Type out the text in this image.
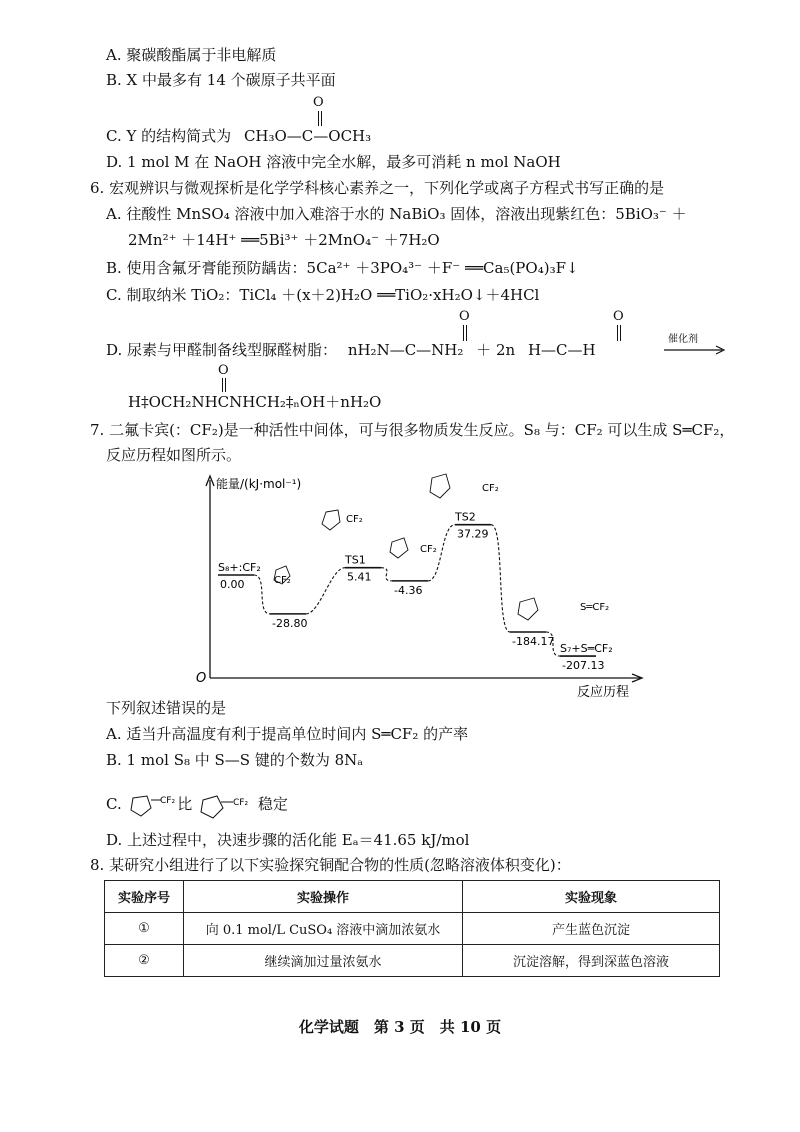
A. 聚碳酸酯属于非电解质
B. X 中最多有 14 个碳原子共平面
C. Y 的结构简式为 CH₃O—C—OCH₃
O
D. 1 mol M 在 NaOH 溶液中完全水解，最多可消耗 n mol NaOH
6. 宏观辨识与微观探析是化学学科核心素养之一，下列化学或离子方程式书写正确的是
A. 往酸性 MnSO₄ 溶液中加入难溶于水的 NaBiO₃ 固体，溶液出现紫红色：5BiO₃⁻ ＋
2Mn²⁺ ＋14H⁺ ══5Bi³⁺ ＋2MnO₄⁻ ＋7H₂O
B. 使用含氟牙膏能预防龋齿：5Ca²⁺ ＋3PO₄³⁻ ＋F⁻ ══Ca₅(PO₄)₃F↓
C. 制取纳米 TiO₂：TiCl₄ ＋(x＋2)H₂O ══TiO₂·xH₂O↓＋4HCl
D. 尿素与甲醛制备线型脲醛树脂： nH₂N—C—NH₂ ＋ 2n H—C—H
O	O
催化剂
H‡OCH₂NHCNHCH₂‡ₙOH＋nH₂O
O
7. 二氟卡宾(：CF₂)是一种活性中间体，可与很多物质发生反应。S₈ 与：CF₂ 可以生成 S═CF₂，
反应历程如图所示。
能量/(kJ·mol⁻¹)
反应历程
O
0.00
S₈+:CF₂
-28.80
5.41
TS1
-4.36
37.29
TS2
-184.17
-207.13
S₇+S═CF₂
CF₂
CF₂
CF₂
CF₂
S═CF₂
下列叙述错误的是
A. 适当升高温度有利于提高单位时间内 S═CF₂ 的产率
B. 1 mol S₈ 中 S—S 键的个数为 8Nₐ
C.	CF₂ 比	CF₂ 稳定
D. 上述过程中，决速步骤的活化能 Eₐ＝41.65 kJ/mol
8. 某研究小组进行了以下实验探究铜配合物的性质(忽略溶液体积变化)：
实验序号	实验操作	实验现象
①	向 0.1 mol/L CuSO₄ 溶液中滴加浓氨水	产生蓝色沉淀
②	继续滴加过量浓氨水	沉淀溶解，得到深蓝色溶液
化学试题　第 3 页　共 10 页
